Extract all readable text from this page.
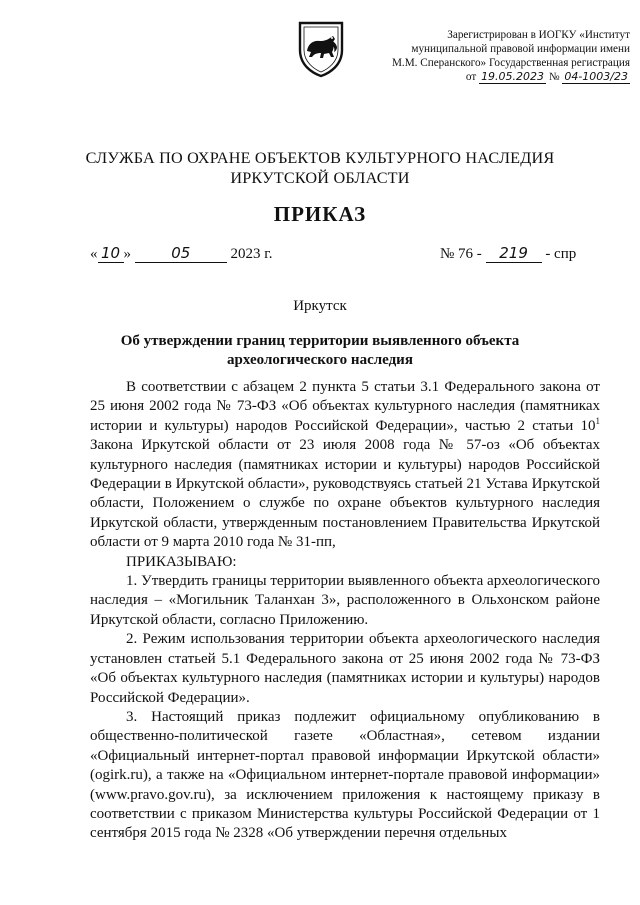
Зарегистрирован в ИОГКУ «Институт
муниципальной правовой информации имени
М.М. Сперанского» Государственная регистрация
от 19.05.2023 № 04-1003/23
СЛУЖБА ПО ОХРАНЕ ОБЪЕКТОВ КУЛЬТУРНОГО НАСЛЕДИЯ
ИРКУТСКОЙ ОБЛАСТИ
ПРИКАЗ
« 10 »	05	2023 г.	№ 76 - 219 - спр
Иркутск
Об утверждении границ территории выявленного объекта
археологического наследия

В соответствии с абзацем 2 пункта 5 статьи 3.1 Федерального закона от 25 июня 2002 года № 73-ФЗ «Об объектах культурного наследия (памятниках истории и культуры) народов Российской Федерации», частью 2 статьи $10^1$ Закона Иркутской области от 23 июля 2008 года № 57-оз «Об объектах культурного наследия (памятниках истории и культуры) народов Российской Федерации в Иркутской области», руководствуясь статьей 21 Устава Иркутской области, Положением о службе по охране объектов культурного наследия Иркутской области, утвержденным постановлением Правительства Иркутской области от 9 марта 2010 года № 31-пп,

ПРИКАЗЫВАЮ:

1. Утвердить границы территории выявленного объекта археологического наследия – «Могильник Таланхан 3», расположенного в Ольхонском районе Иркутской области, согласно Приложению.

2. Режим использования территории объекта археологического наследия установлен статьей 5.1 Федерального закона от 25 июня 2002 года № 73-ФЗ «Об объектах культурного наследия (памятниках истории и культуры) народов Российской Федерации».

3. Настоящий приказ подлежит официальному опубликованию в общественно-политической газете «Областная», сетевом издании «Официальный интернет-портал правовой информации Иркутской области» (ogirk.ru), а также на «Официальном интернет-портале правовой информации» (www.pravo.gov.ru), за исключением приложения к настоящему приказу в соответствии с приказом Министерства культуры Российской Федерации от 1 сентября 2015 года № 2328 «Об утверждении перечня отдельных
